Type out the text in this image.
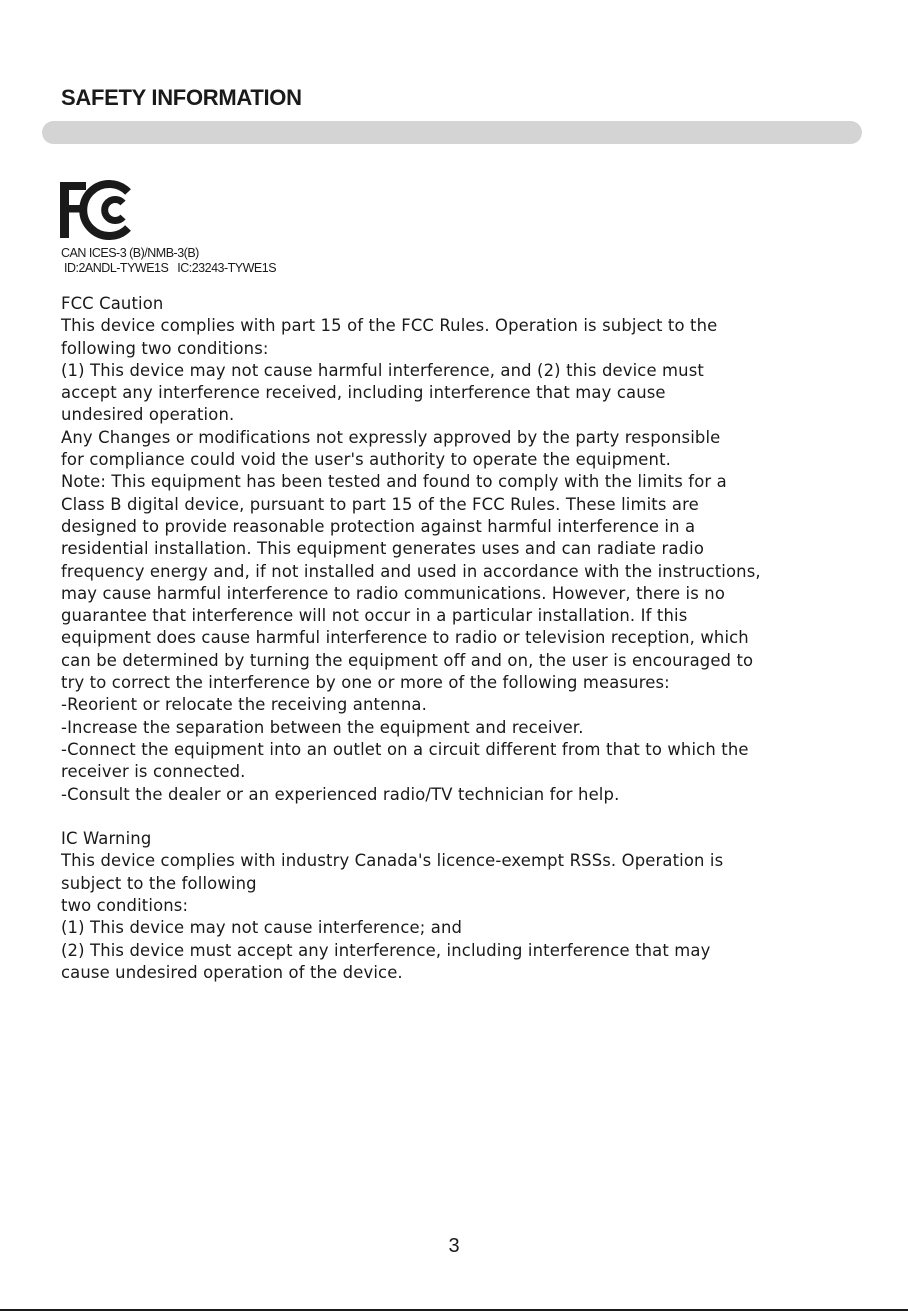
SAFETY INFORMATION
CAN ICES-3 (B)/NMB-3(B)
ID:2ANDL-TYWE1S   IC:23243-TYWE1S

FCC Caution

This device complies with part 15 of the FCC Rules. Operation is subject to the

following two conditions:

(1) This device may not cause harmful interference, and (2) this device must

accept any interference received, including interference that may cause

undesired operation.

Any Changes or modifications not expressly approved by the party responsible

for compliance could void the user's authority to operate the equipment.

Note: This equipment has been tested and found to comply with the limits for a

Class B digital device, pursuant to part 15 of the FCC Rules. These limits are

designed to provide reasonable protection against harmful interference in a

residential installation. This equipment generates uses and can radiate radio

frequency energy and, if not installed and used in accordance with the instructions,

may cause harmful interference to radio communications. However, there is no

guarantee that interference will not occur in a particular installation. If this

equipment does cause harmful interference to radio or television reception, which

can be determined by turning the equipment off and on, the user is encouraged to

try to correct the interference by one or more of the following measures:

-Reorient or relocate the receiving antenna.

-Increase the separation between the equipment and receiver.

-Connect the equipment into an outlet on a circuit different from that to which the

receiver is connected.

-Consult the dealer or an experienced radio/TV technician for help.

IC Warning

This device complies with industry Canada's licence-exempt RSSs. Operation is

subject to the following

two conditions:

(1) This device may not cause interference; and

(2) This device must accept any interference, including interference that may

cause undesired operation of the device.

3
